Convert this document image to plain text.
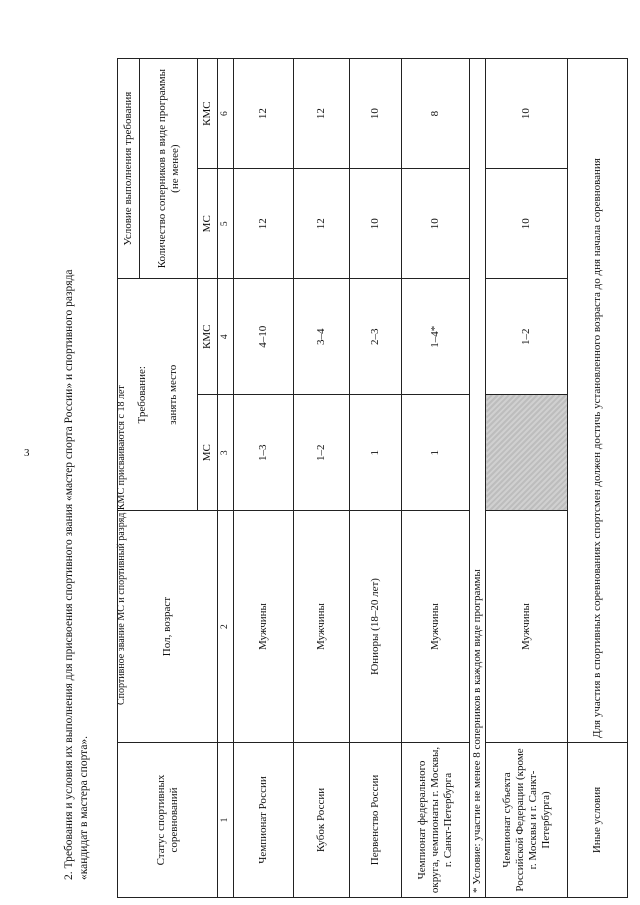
3	2. Требования и условия их выполнения для присвоения спортивного звания «мастер спорта России» и спортивного разряда «кандидат в мастера спорта».
Спортивное звание МС и спортивный разряд КМС присваиваются с 18 лет
Статус спортивных соревнований	Пол, возраст	Требование: занять место		Условие выполнения требования	
				Количество соперников в виде программы (не менее)	
		МС	КМС	МС	КМС
1	2	3	4	5	6
Чемпионат России	Мужчины	1–3	4–10	12	12
Кубок России	Мужчины	1–2	3–4	12	12
Первенство России	Юниоры (18–20 лет)	1	2–3	10	10
Чемпионат федерального округа, чемпионаты г. Москвы, г. Санкт-Петербурга	Мужчины	1	1–4*	10	8
* Условие: участие не менее 8 соперников в каждом виде программы					
Чемпионат субъекта Российской Федерации (кроме г. Москвы и г. Санкт-Петербурга)	Мужчины		1–2	10	10
Иные условия	Для участия в спортивных соревнованиях спортсмен должен достичь установленного возраста до дня начала соревнования				
